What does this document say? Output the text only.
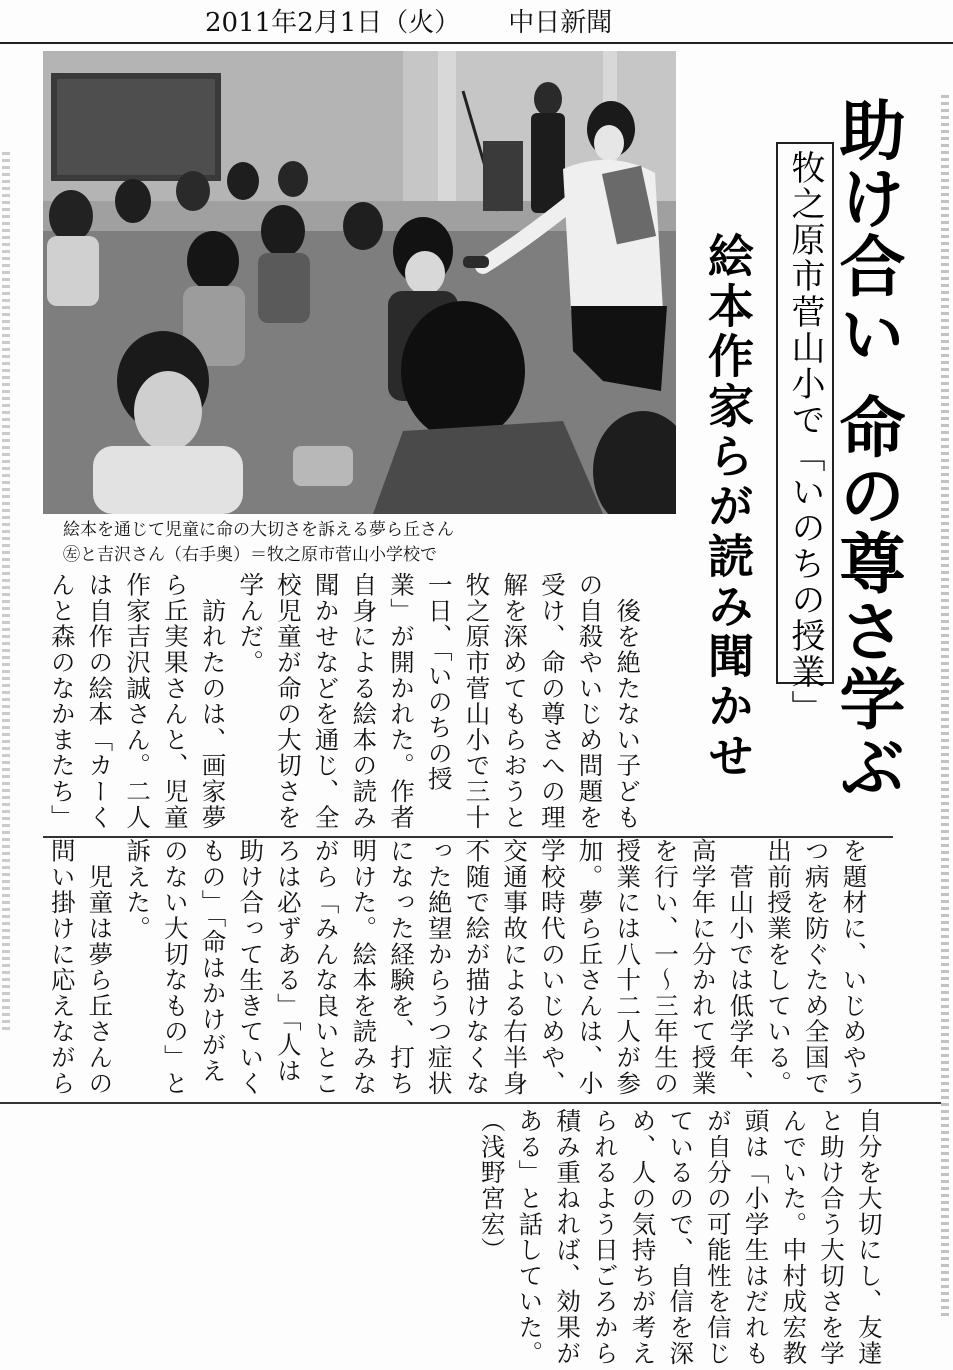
2011年2月1日（火） 中日新聞
絵本を通じて児童に命の大切さを訴える夢ら丘さん
㊧と吉沢さん（右手奥）＝牧之原市菅山小学校で	助け合い 命の尊さ学ぶ
牧之原市菅山小で「いのちの授業」
絵本作家らが読み聞かせ
　後を絶たない子ども
の自殺やいじめ問題を
受け、命の尊さへの理
解を深めてもらおうと
牧之原市菅山小で三十
一日、「いのちの授
業」が開かれた。作者
自身による絵本の読み
聞かせなどを通じ、全
校児童が命の大切さを
学んだ。
　訪れたのは、画家夢
ら丘実果さんと、児童
作家吉沢誠さん。二人
は自作の絵本「カーく
んと森のなかまたち」
を題材に、いじめやう
つ病を防ぐため全国で
出前授業をしている。
　菅山小では低学年、
高学年に分かれて授業
を行い、一～三年生の
授業には八十二人が参
加。夢ら丘さんは、小
学校時代のいじめや、
交通事故による右半身
不随で絵が描けなくな
った絶望からうつ症状
になった経験を、打ち
明けた。絵本を読みな
がら「みんな良いとこ
ろは必ずある」「人は
助け合って生きていく
もの」「命はかけがえ
のない大切なもの」と
訴えた。
　児童は夢ら丘さんの
問い掛けに応えながら
自分を大切にし、友達
と助け合う大切さを学
んでいた。中村成宏教
頭は「小学生はだれも
が自分の可能性を信じ
ているので、自信を深
め、人の気持ちが考え
られるよう日ごろから
積み重ねれば、効果が
ある」と話していた。
（浅野宮宏）
